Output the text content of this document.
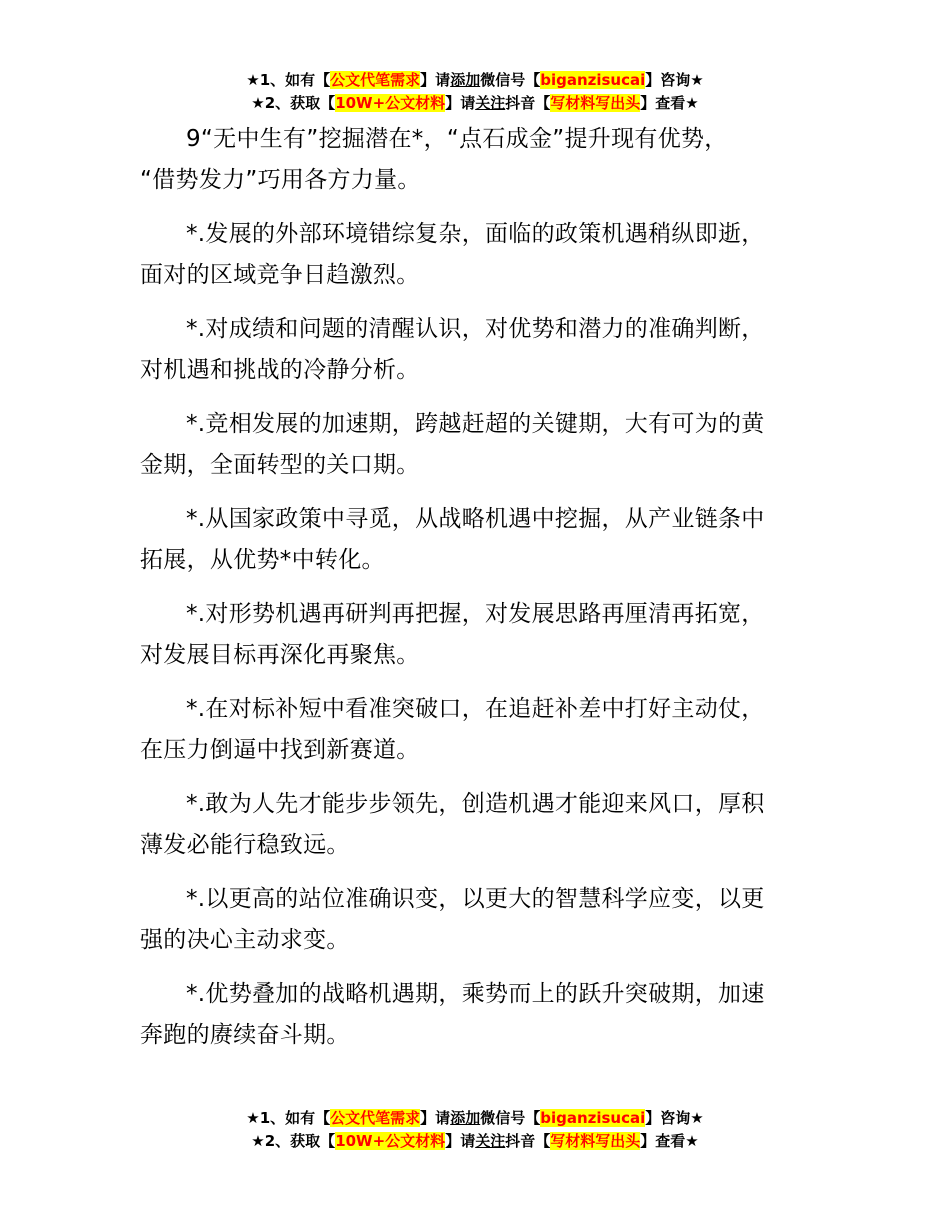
★1、如有【公文代笔需求】请添加微信号【biganzisucai】咨询★
★2、获取【10W+公文材料】请关注抖音【写材料写出头】查看★

9“无中生有”挖掘潜在*，“点石成金”提升现有优势，
“借势发力”巧用各方力量。

*.发展的外部环境错综复杂，面临的政策机遇稍纵即逝，
面对的区域竞争日趋激烈。

*.对成绩和问题的清醒认识，对优势和潜力的准确判断，
对机遇和挑战的冷静分析。

*.竞相发展的加速期，跨越赶超的关键期，大有可为的黄
金期，全面转型的关口期。

*.从国家政策中寻觅，从战略机遇中挖掘，从产业链条中
拓展，从优势*中转化。

*.对形势机遇再研判再把握，对发展思路再厘清再拓宽，
对发展目标再深化再聚焦。

*.在对标补短中看准突破口，在追赶补差中打好主动仗，
在压力倒逼中找到新赛道。

*.敢为人先才能步步领先，创造机遇才能迎来风口，厚积
薄发必能行稳致远。

*.以更高的站位准确识变，以更大的智慧科学应变，以更
强的决心主动求变。

*.优势叠加的战略机遇期，乘势而上的跃升突破期，加速
奔跑的赓续奋斗期。

★1、如有【公文代笔需求】请添加微信号【biganzisucai】咨询★
★2、获取【10W+公文材料】请关注抖音【写材料写出头】查看★
